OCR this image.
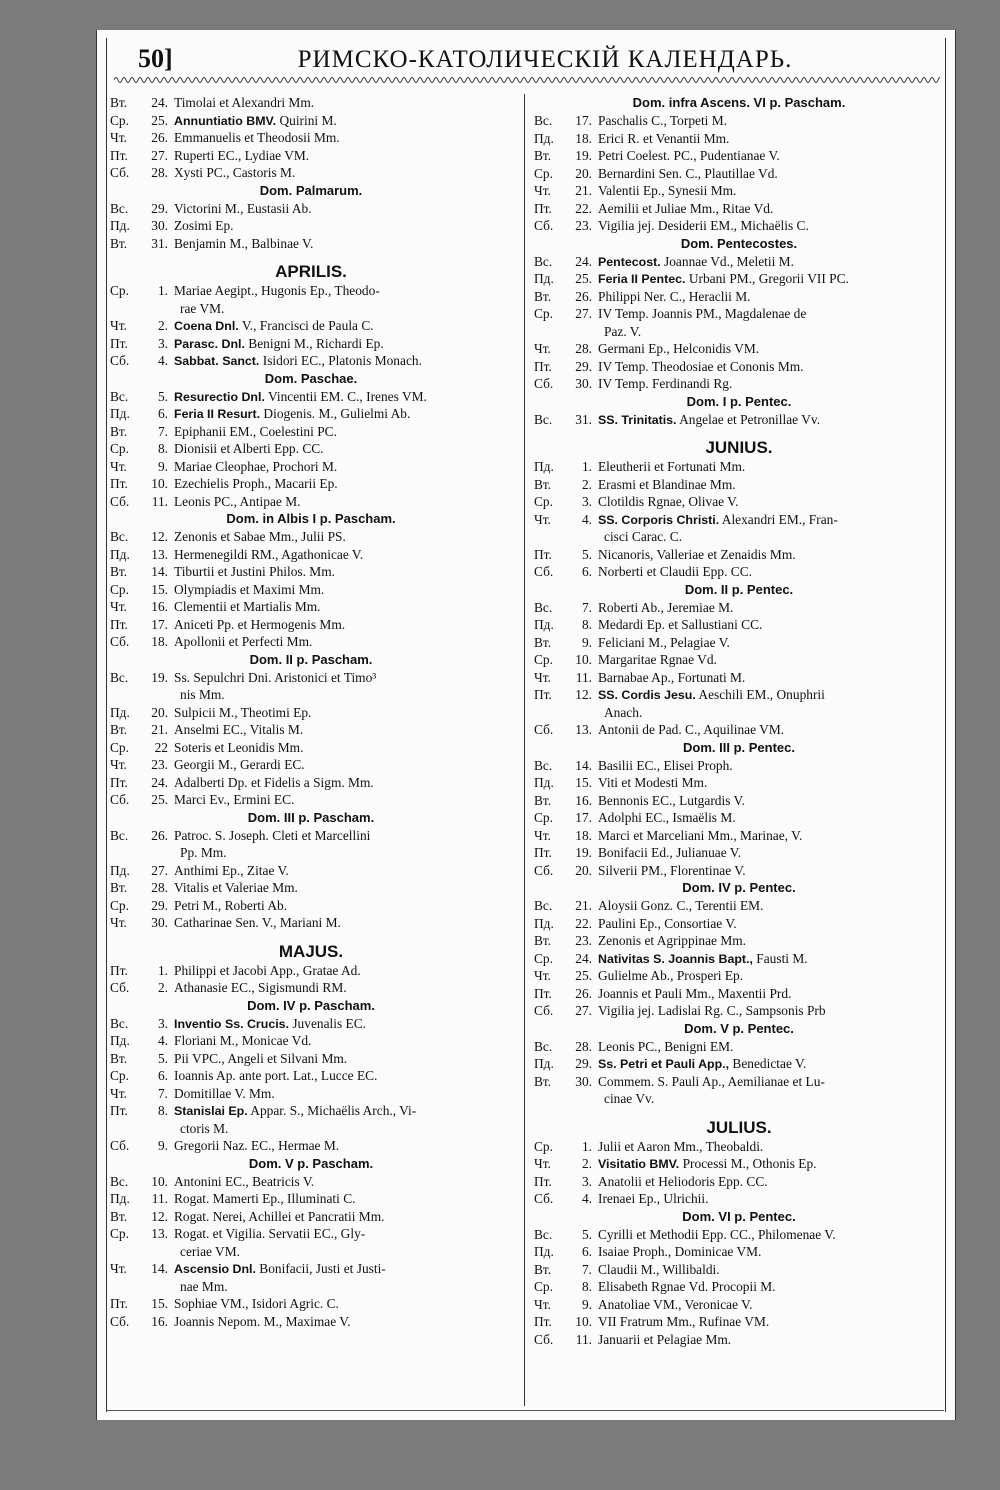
50]	РИМСКО-КАТОЛИЧЕСКІЙ КАЛЕНДАРЬ.
Вт.	24. Timolai et Alexandri Mm.
Ср.	25. Annuntiatio BMV. Quirini M.
Чт.	26. Emmanuelis et Theodosii Mm.
Пт.	27. Ruperti EC., Lydiae VM.
Сб.	28. Xysti PC., Castoris M.
Dom. Palmarum.
Вс.	29. Victorini M., Eustasii Ab.
Пд.	30. Zosimi Ep.
Вт.	31. Benjamin M., Balbinae V.
APRILIS.
Ср.	1. Mariae Aegipt., Hugonis Ep., Theodo-
rae VM.
Чт.	2. Coena Dnl. V., Francisci de Paula C.
Пт.	3. Parasc. Dnl. Benigni M., Richardi Ep.
Сб.	4. Sabbat. Sanct. Isidori EC., Platonis Monach.
Dom. Paschae.
Вс.	5. Resurectio Dnl. Vincentii EM. C., Irenes VM.
Пд.	6. Feria II Resurt. Diogenis. M., Gulielmi Ab.
Вт.	7. Epiphanii EM., Coelestini PC.
Ср.	8. Dionisii et Alberti Epp. CC.
Чт.	9. Mariae Cleophae, Prochori M.
Пт.	10. Ezechielis Proph., Macarii Ep.
Сб.	11. Leonis PC., Antipae M.
Dom. in Albis I p. Pascham.
Вс.	12. Zenonis et Sabae Mm., Julii PS.
Пд.	13. Hermenegildi RM., Agathonicae V.
Вт.	14. Tiburtii et Justini Philos. Mm.
Ср.	15. Olympiadis et Maximi Mm.
Чт.	16. Clementii et Martialis Mm.
Пт.	17. Aniceti Pp. et Hermogenis Mm.
Сб.	18. Apollonii et Perfecti Mm.
Dom. II p. Pascham.
Вс.	19. Ss. Sepulchri Dni. Aristonici et Timo³
nis Mm.
Пд.	20. Sulpicii M., Theotimi Ep.
Вт.	21. Anselmi EC., Vitalis M.
Ср.	22 Soteris et Leonidis Mm.
Чт.	23. Georgii M., Gerardi EC.
Пт.	24. Adalberti Dp. et Fidelis a Sigm. Mm.
Сб.	25. Marci Ev., Ermini EC.
Dom. III p. Pascham.
Вс.	26. Patroc. S. Joseph. Cleti et Marcellini
Pp. Mm.
Пд.	27. Anthimi Ep., Zitae V.
Вт.	28. Vitalis et Valeriae Mm.
Ср.	29. Petri M., Roberti Ab.
Чт.	30. Catharinae Sen. V., Mariani M.
MAJUS.
Пт.	1. Philippi et Jacobi App., Gratae Ad.
Сб.	2. Athanasie EC., Sigismundi RM.
Dom. IV p. Pascham.
Вс.	3. Inventio Ss. Crucis. Juvenalis EC.
Пд.	4. Floriani M., Monicae Vd.
Вт.	5. Pii VPC., Angeli et Silvani Mm.
Ср.	6. Ioannis Ap. ante port. Lat., Lucce EC.
Чт.	7. Domitillae V. Mm.
Пт.	8. Stanislai Ep. Appar. S., Michaëlis Arch., Vi-
ctoris M.
Сб.	9. Gregorii Naz. EC., Hermae M.
Dom. V p. Pascham.
Вс.	10. Antonini EC., Beatricis V.
Пд.	11. Rogat. Mamerti Ep., Illuminati C.
Вт.	12. Rogat. Nerei, Achillei et Pancratii Mm.
Ср.	13. Rogat. et Vigilia. Servatii EC., Gly-
ceriae VM.
Чт.	14. Ascensio Dnl. Bonifacii, Justi et Justi-
nae Mm.
Пт.	15. Sophiae VM., Isidori Agric. C.
Сб.	16. Joannis Nepom. M., Maximae V.
Dom. infra Ascens. VI p. Pascham.
Вс.	17. Paschalis C., Torpeti M.
Пд.	18. Erici R. et Venantii Mm.
Вт.	19. Petri Coelest. PC., Pudentianae V.
Ср.	20. Bernardini Sen. C., Plautillae Vd.
Чт.	21. Valentii Ep., Synesii Mm.
Пт.	22. Aemilii et Juliae Mm., Ritae Vd.
Сб.	23. Vigilia jej. Desiderii EM., Michaëlis C.
Dom. Pentecostes.
Вс.	24. Pentecost. Joannae Vd., Meletii M.
Пд.	25. Feria II Pentec. Urbani PM., Gregorii VII PC.
Вт.	26. Philippi Ner. C., Heraclii M.
Ср.	27. IV Temp. Joannis PM., Magdalenae de
Paz. V.
Чт.	28. Germani Ep., Helconidis VM.
Пт.	29. IV Temp. Theodosiae et Cononis Mm.
Сб.	30. IV Temp. Ferdinandi Rg.
Dom. I p. Pentec.
Вс.	31. SS. Trinitatis. Angelae et Petronillae Vv.
JUNIUS.
Пд.	1. Eleutherii et Fortunati Mm.
Вт.	2. Erasmi et Blandinae Mm.
Ср.	3. Clotildis Rgnae, Olivae V.
Чт.	4. SS. Corporis Christi. Alexandri EM., Fran-
cisci Carac. C.
Пт.	5. Nicanoris, Valleriae et Zenaidis Mm.
Сб.	6. Norberti et Claudii Epp. CC.
Dom. II p. Pentec.
Вс.	7. Roberti Ab., Jeremiae M.
Пд.	8. Medardi Ep. et Sallustiani CC.
Вт.	9. Feliciani M., Pelagiae V.
Ср.	10. Margaritae Rgnae Vd.
Чт.	11. Barnabae Ap., Fortunati M.
Пт.	12. SS. Cordis Jesu. Aeschili EM., Onuphrii
Anach.
Сб.	13. Antonii de Pad. C., Aquilinae VM.
Dom. III p. Pentec.
Вс.	14. Basilii EC., Elisei Proph.
Пд.	15. Viti et Modesti Mm.
Вт.	16. Bennonis EC., Lutgardis V.
Ср.	17. Adolphi EC., Ismaëlis M.
Чт.	18. Marci et Marceliani Mm., Marinae, V.
Пт.	19. Bonifacii Ed., Julianuae V.
Сб.	20. Silverii PM., Florentinae V.
Dom. IV p. Pentec.
Вс.	21. Aloysii Gonz. C., Terentii EM.
Пд.	22. Paulini Ep., Consortiae V.
Вт.	23. Zenonis et Agrippinae Mm.
Ср.	24. Nativitas S. Joannis Bapt., Fausti M.
Чт.	25. Gulielme Ab., Prosperi Ep.
Пт.	26. Joannis et Pauli Mm., Maxentii Prd.
Сб.	27. Vigilia jej. Ladislai Rg. C., Sampsonis Prb
Dom. V p. Pentec.
Вс.	28. Leonis PC., Benigni EM.
Пд.	29. Ss. Petri et Pauli App., Benedictae V.
Вт.	30. Commem. S. Pauli Ap., Aemilianae et Lu-
cinae Vv.
JULIUS.
Ср.	1. Julii et Aaron Mm., Theobaldi.
Чт.	2. Visitatio BMV. Processi M., Othonis Ep.
Пт.	3. Anatolii et Heliodoris Epp. CC.
Сб.	4. Irenaei Ep., Ulrichii.
Dom. VI p. Pentec.
Вс.	5. Cyrilli et Methodii Epp. CC., Philomenae V.
Пд.	6. Isaiae Proph., Dominicae VM.
Вт.	7. Claudii M., Willibaldi.
Ср.	8. Elisabeth Rgnae Vd. Procopii M.
Чт.	9. Anatoliae VM., Veronicae V.
Пт.	10. VII Fratrum Mm., Rufinae VM.
Сб.	11. Januarii et Pelagiae Mm.
